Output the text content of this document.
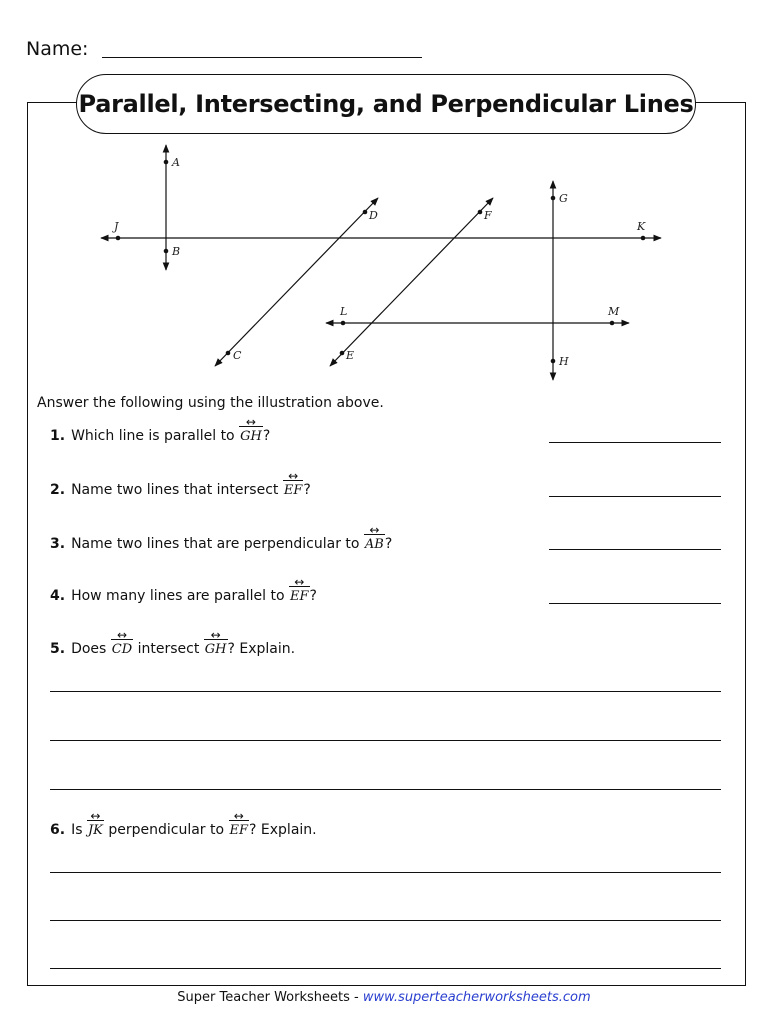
Name:
Parallel, Intersecting, and Perpendicular Lines
A
B
C
D
E
F
G
H
J	K
L	M
Answer the following using the illustration above.
1. Which line is parallel to GH ↔?
2. Name two lines that intersect EF ↔?
3. Name two lines that are perpendicular to AB ↔?
4. How many lines are parallel to EF ↔?
5. Does CD ↔ intersect GH ↔? Explain.
6. Is JK ↔ perpendicular to EF ↔? Explain.
Super Teacher Worksheets - www.superteacherworksheets.com
